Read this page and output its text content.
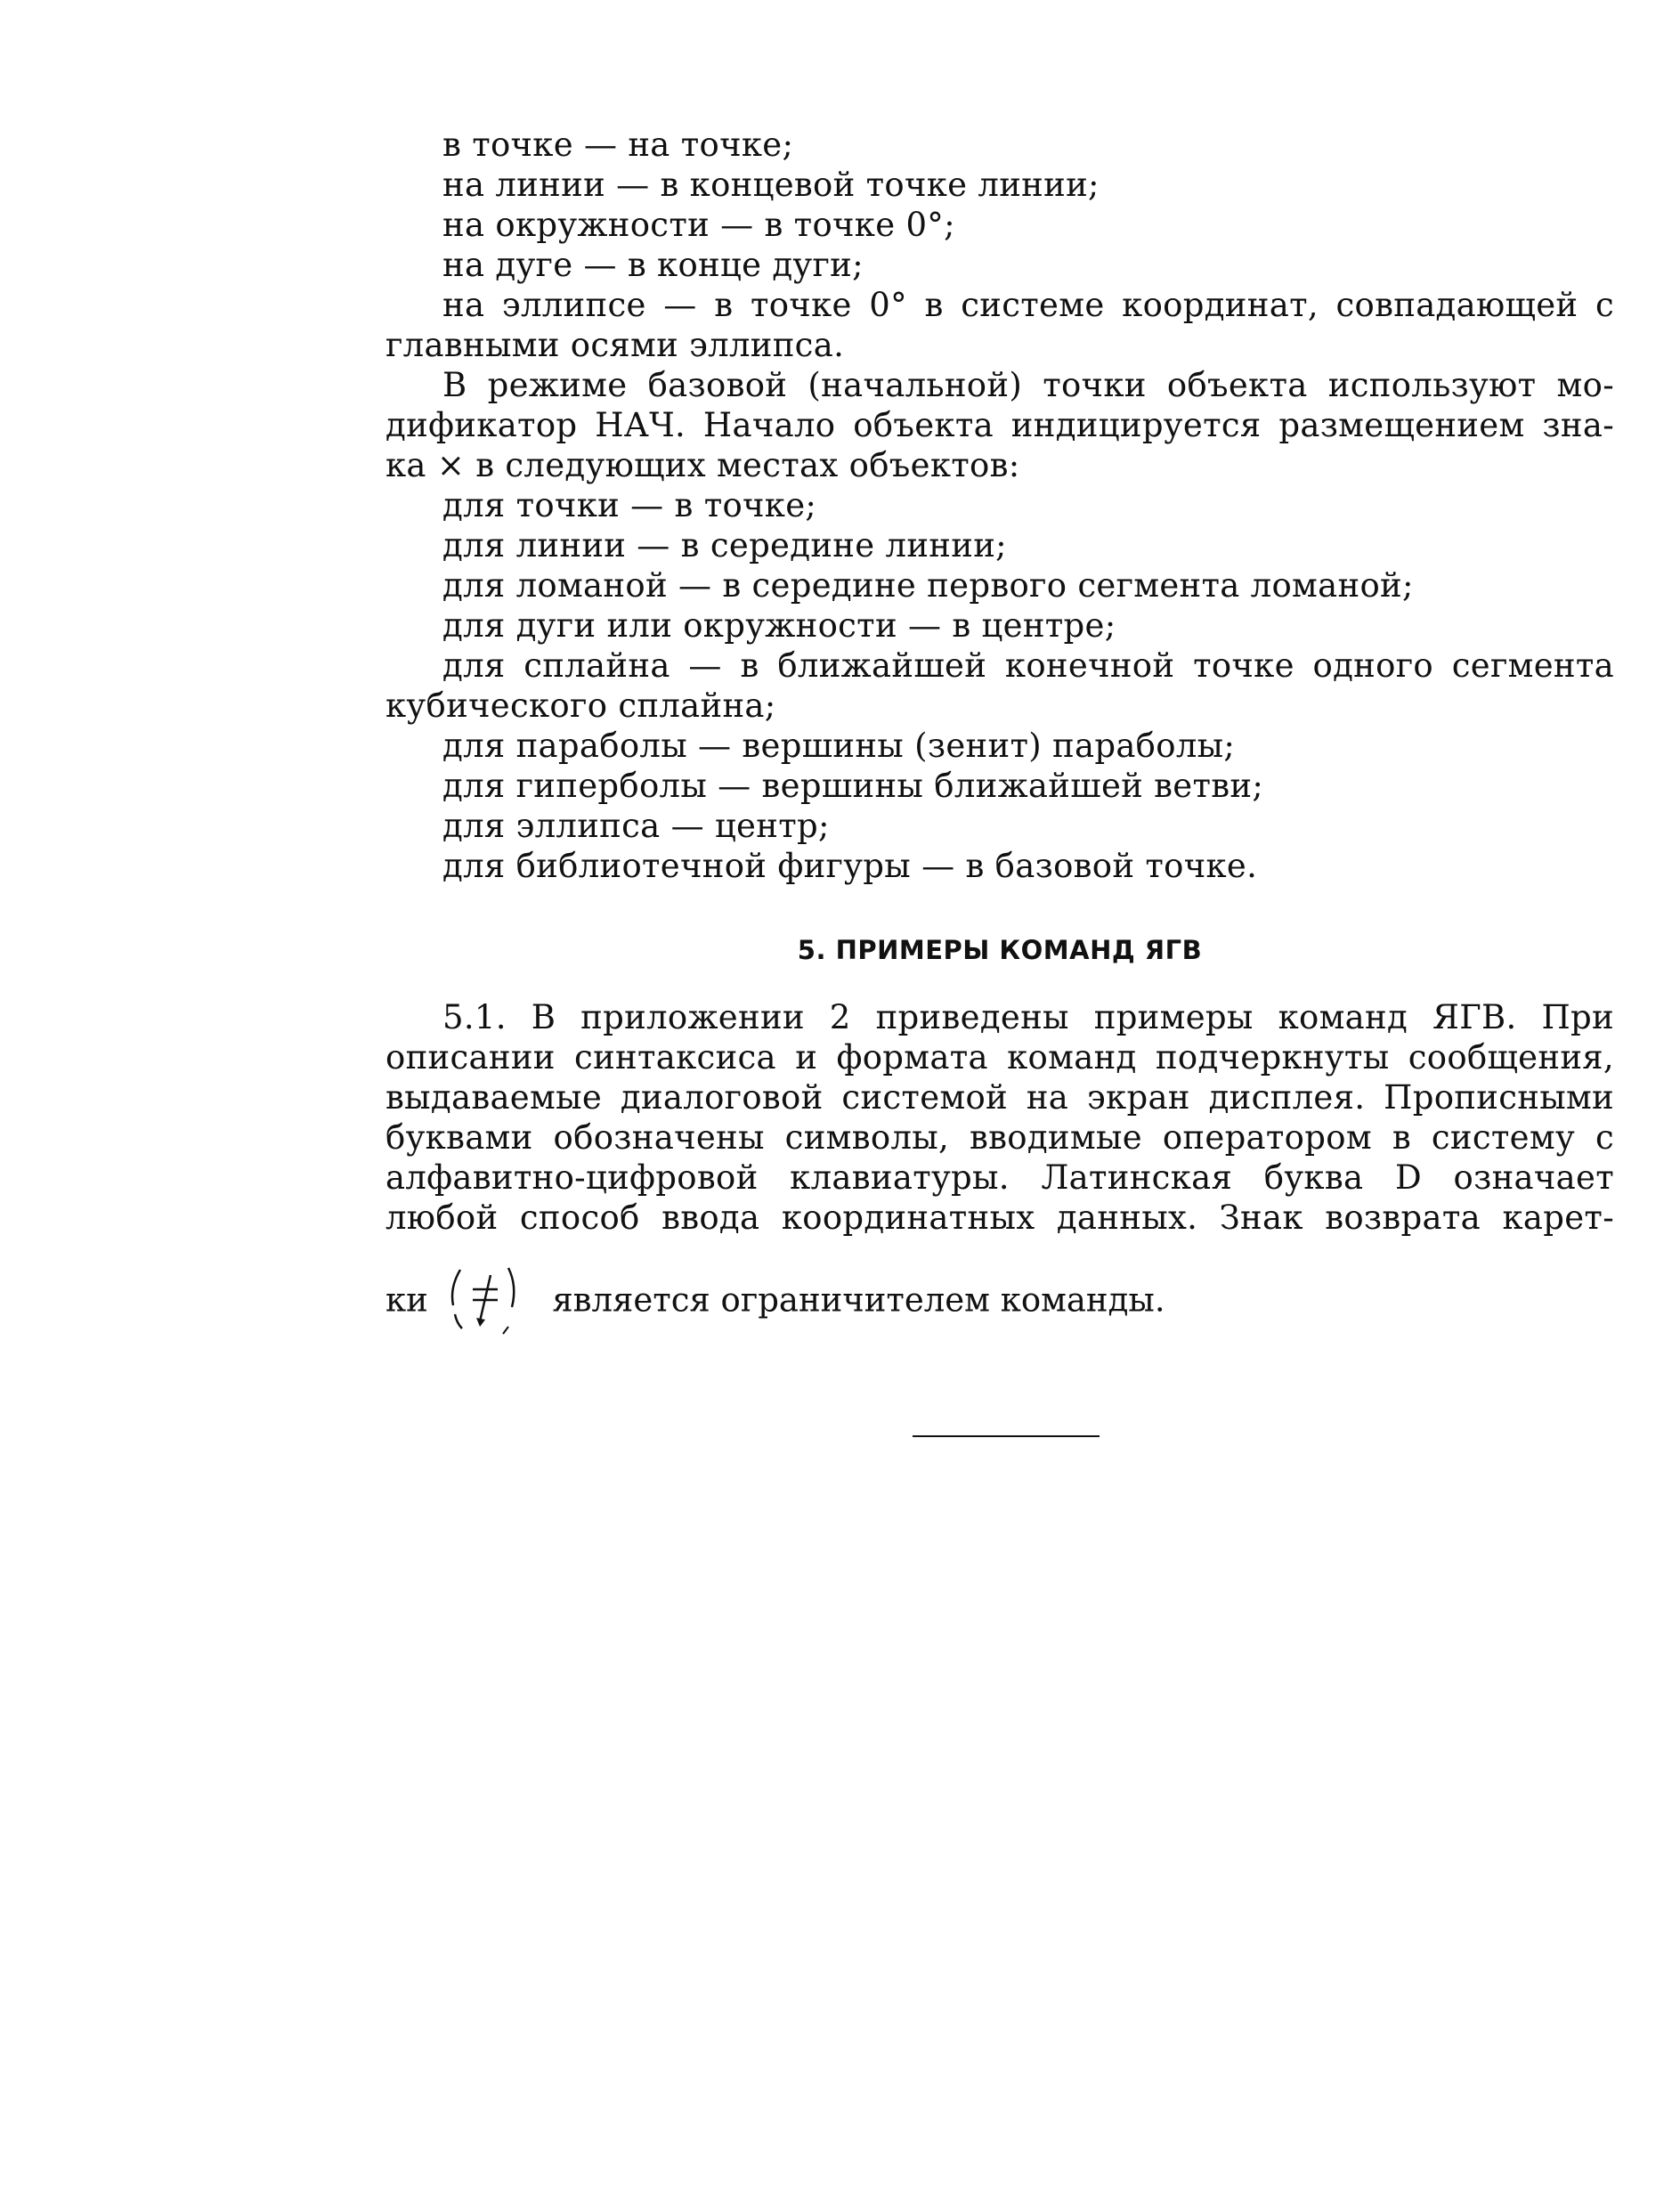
в точке — на точке;
на линии — в концевой точке линии;
на окружности — в точке 0°;
на дуге — в конце дуги;
на эллипсе — в точке 0° в системе координат, совпадающей с
главными осями эллипса.
В режиме базовой (начальной) точки объекта используют мо-
дификатор НАЧ. Начало объекта индицируется размещением зна-
ка × в следующих местах объектов:
для точки — в точке;
для линии — в середине линии;
для ломаной — в середине первого сегмента ломаной;
для дуги или окружности — в центре;
для сплайна — в ближайшей конечной точке одного сегмента
кубического сплайна;
для параболы — вершины (зенит) параболы;
для гиперболы — вершины ближайшей ветви;
для эллипса — центр;
для библиотечной фигуры — в базовой точке.
5. ПРИМЕРЫ КОМАНД ЯГВ
5.1. В приложении 2 приведены примеры команд ЯГВ. При
описании синтаксиса и формата команд подчеркнуты сообщения,
выдаваемые диалоговой системой на экран дисплея. Прописными
буквами обозначены символы, вводимые оператором в систему с
алфавитно-цифровой клавиатуры. Латинская буква D означает
любой способ ввода координатных данных. Знак возврата карет-
ки	является ограничителем команды.
